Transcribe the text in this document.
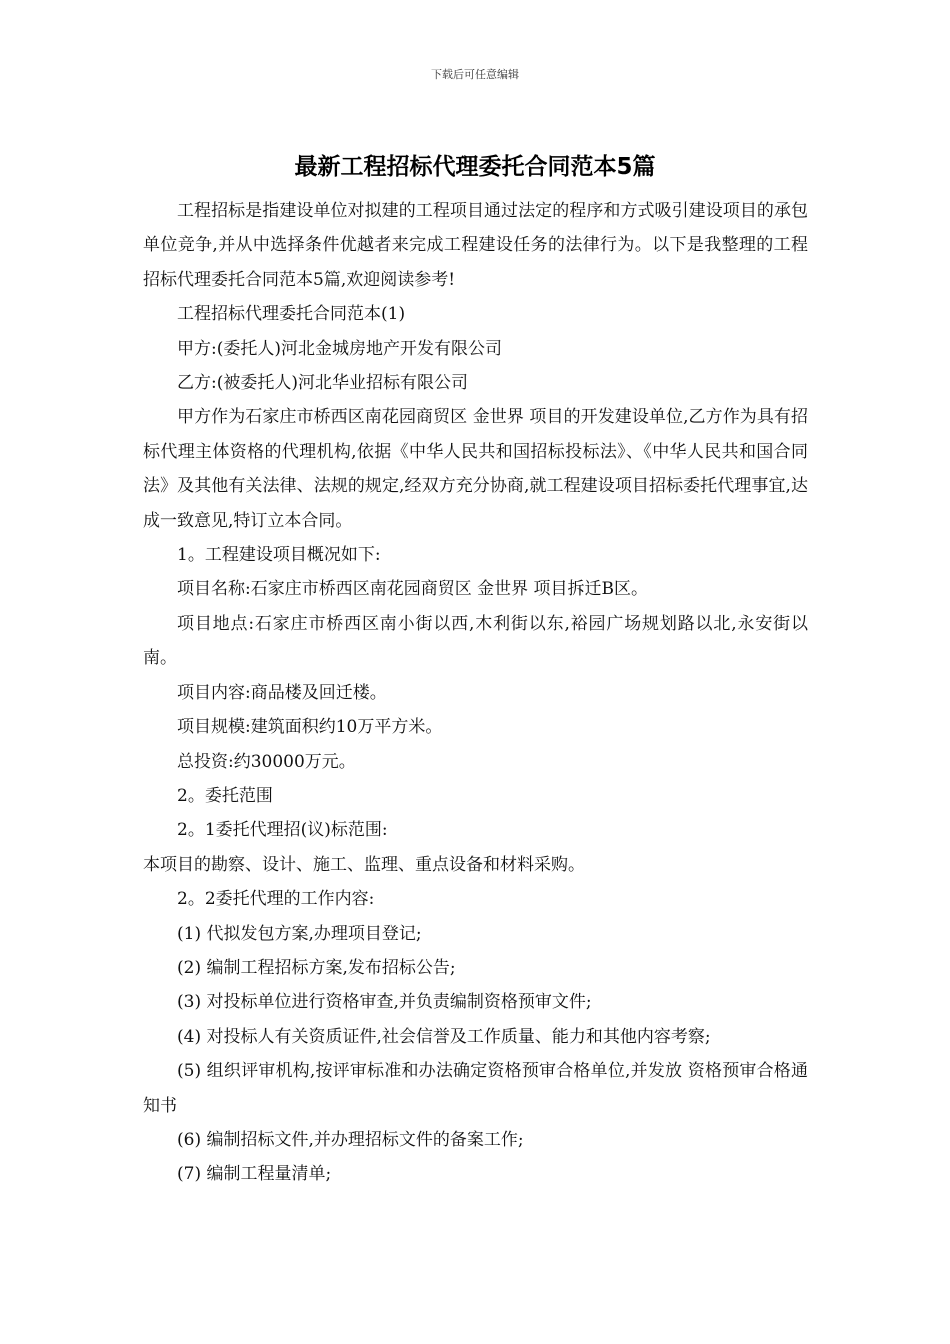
下载后可任意编辑
最新工程招标代理委托合同范本5篇

工程招标是指建设单位对拟建的工程项目通过法定的程序和方式吸引建设项目的承包单位竞争,并从中选择条件优越者来完成工程建设任务的法律行为。以下是我整理的工程招标代理委托合同范本5篇,欢迎阅读参考!

工程招标代理委托合同范本(1)

甲方:(委托人)河北金城房地产开发有限公司

乙方:(被委托人)河北华业招标有限公司

甲方作为石家庄市桥西区南花园商贸区 金世界 项目的开发建设单位,乙方作为具有招标代理主体资格的代理机构,依据《中华人民共和国招标投标法》、《中华人民共和国合同法》及其他有关法律、法规的规定,经双方充分协商,就工程建设项目招标委托代理事宜,达成一致意见,特订立本合同。

1。工程建设项目概况如下:

项目名称:石家庄市桥西区南花园商贸区 金世界 项目拆迁B区。

项目地点:石家庄市桥西区南小街以西,木利街以东,裕园广场规划路以北,永安街以南。

项目内容:商品楼及回迁楼。

项目规模:建筑面积约10万平方米。

总投资:约30000万元。

2。委托范围

2。1委托代理招(议)标范围:

本项目的勘察、设计、施工、监理、重点设备和材料采购。

2。2委托代理的工作内容:

(1) 代拟发包方案,办理项目登记;

(2) 编制工程招标方案,发布招标公告;

(3) 对投标单位进行资格审查,并负责编制资格预审文件;

(4) 对投标人有关资质证件,社会信誉及工作质量、能力和其他内容考察;

(5) 组织评审机构,按评审标准和办法确定资格预审合格单位,并发放 资格预审合格通知书

(6) 编制招标文件,并办理招标文件的备案工作;

(7) 编制工程量清单;
